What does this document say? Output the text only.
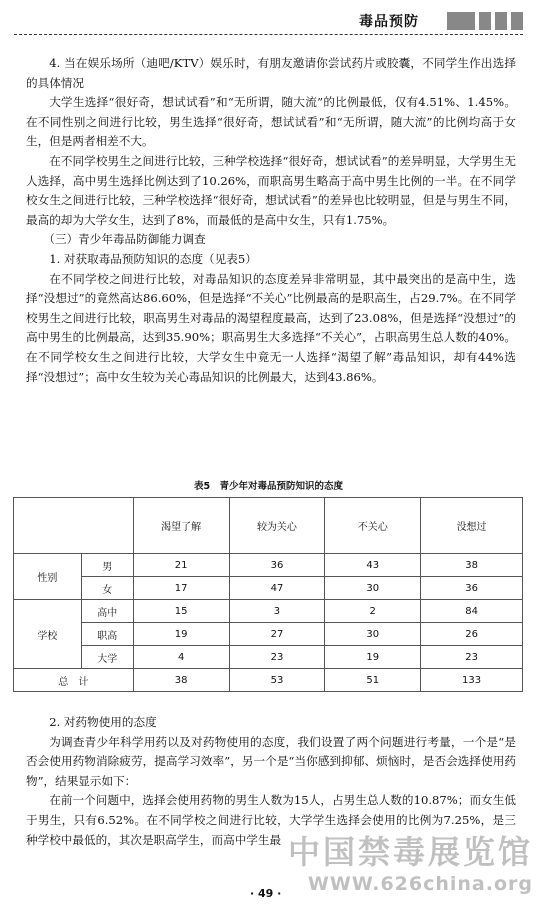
毒品预防

4. 当在娱乐场所（迪吧/KTV）娱乐时，有朋友邀请你尝试药片或胶囊，不同学生作出选择的具体情况

大学生选择“很好奇，想试试看”和“无所谓，随大流”的比例最低，仅有4.51%、1.45%。在不同性别之间进行比较，男生选择“很好奇，想试试看”和“无所谓，随大流”的比例均高于女生，但是两者相差不大。

在不同学校男生之间进行比较，三种学校选择“很好奇，想试试看”的差异明显，大学男生无人选择，高中男生选择比例达到了10.26%，而职高男生略高于高中男生比例的一半。在不同学校女生之间进行比较，三种学校选择“很好奇，想试试看”的差异也比较明显，但是与男生不同，最高的却为大学女生，达到了8%，而最低的是高中女生，只有1.75%。

（三）青少年毒品防御能力调查

1. 对获取毒品预防知识的态度（见表5）

在不同学校之间进行比较，对毒品知识的态度差异非常明显，其中最突出的是高中生，选择“没想过”的竟然高达86.60%，但是选择“不关心”比例最高的是职高生，占29.7%。在不同学校男生之间进行比较，职高男生对毒品的渴望程度最高，达到了23.08%，但是选择“没想过”的高中男生的比例最高，达到35.90%；职高男生大多选择“不关心”，占职高男生总人数的40%。在不同学校女生之间进行比较，大学女生中竟无一人选择“渴望了解”毒品知识，却有44%选择“没想过”；高中女生较为关心毒品知识的比例最大，达到43.86%。

表5　青少年对毒品预防知识的态度
		渴望了解	较为关心	不关心	没想过
性别	男	21	36	43	38
	女	17	47	30	36
学校	高中	15	3	2	84
	职高	19	27	30	26
	大学	4	23	19	23
总　计		38	53	51	133

2. 对药物使用的态度

为调查青少年科学用药以及对药物使用的态度，我们设置了两个问题进行考量，一个是“是否会使用药物消除疲劳，提高学习效率”，另一个是“当你感到抑郁、烦恼时，是否会选择使用药物”，结果显示如下：

在前一个问题中，选择会使用药物的男生人数为15人，占男生总人数的10.87%；而女生低于男生，只有6.52%。在不同学校之间进行比较，大学学生选择会使用的比例为7.25%，是三种学校中最低的，其次是职高学生，而高中学生最 中国禁毒展览馆
WWW.626china.org
· 49 ·
